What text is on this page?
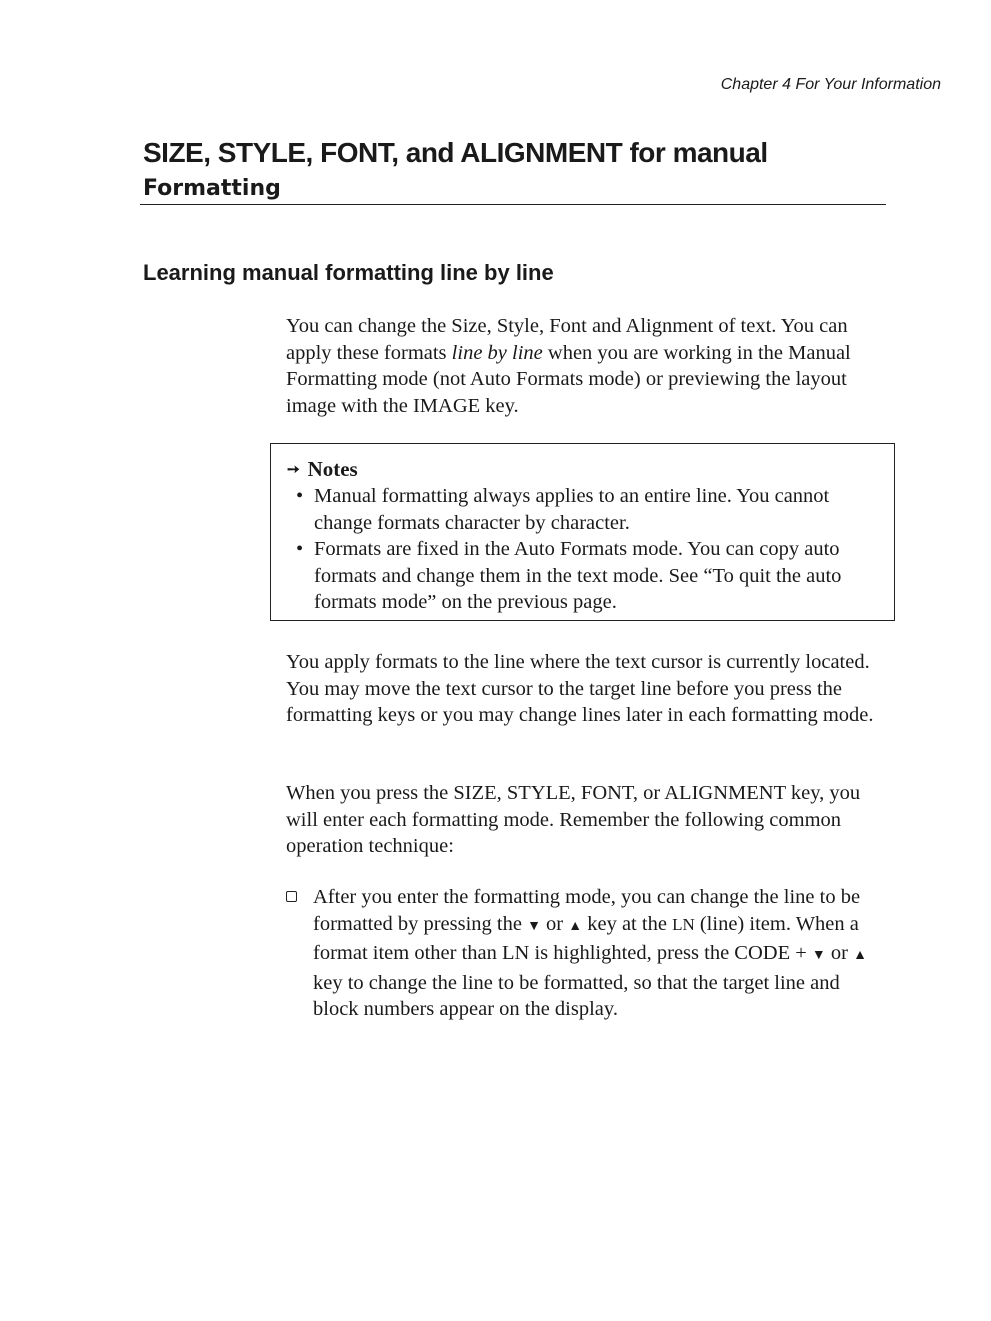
Chapter 4 For Your Information
SIZE, STYLE, FONT, and ALIGNMENT for manual
Formatting
Learning manual formatting line by line

You can change the Size, Style, Font and Alignment of text. You can apply these formats line by line when you are working in the Manual Formatting mode (not Auto Formats mode) or previewing the layout image with the IMAGE key.

➙ Notes
• Manual formatting always applies to an entire line. You cannot change formats character by character.
• Formats are fixed in the Auto Formats mode. You can copy auto formats and change them in the text mode. See “To quit the auto formats mode” on the previous page.

You apply formats to the line where the text cursor is currently located. You may move the text cursor to the target line before you press the formatting keys or you may change lines later in each formatting mode.

When you press the SIZE, STYLE, FONT, or ALIGNMENT key, you will enter each formatting mode. Remember the following common operation technique:

After you enter the formatting mode, you can change the line to be formatted by pressing the ▼ or ▲ key at the LN (line) item. When a format item other than LN is highlighted, press the CODE + ▼ or ▲ key to change the line to be formatted, so that the target line and block numbers appear on the display.
